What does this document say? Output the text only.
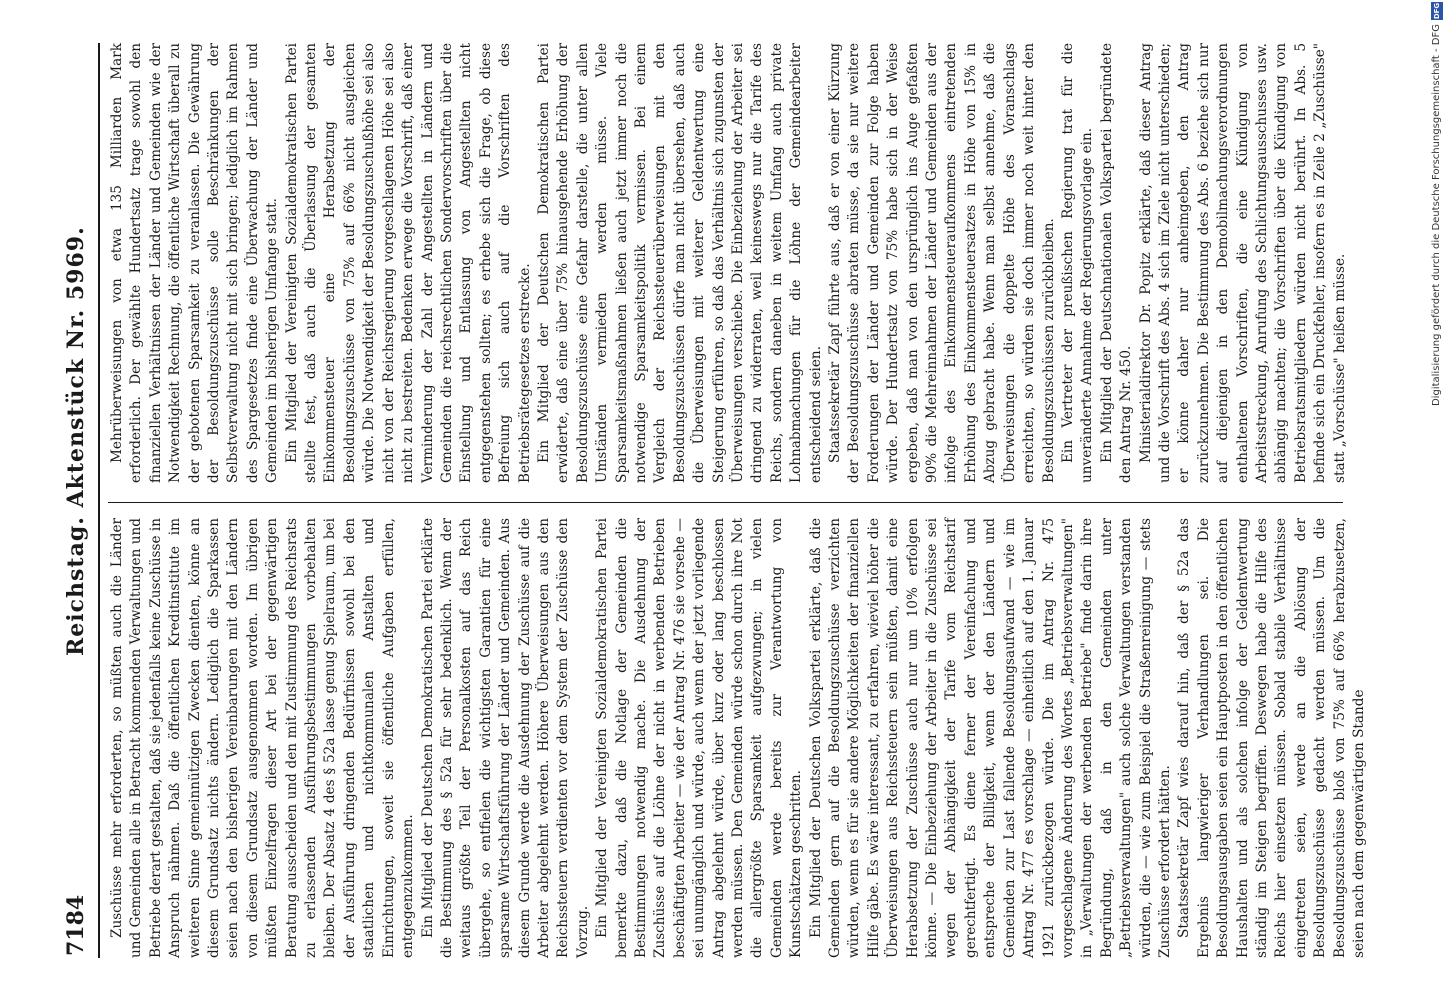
7184
Reichstag. Aktenstück Nr. 5969.

Zuschüsse mehr erforderten, so müßten auch die Länder und Gemeinden alle in Betracht kommenden Verwaltungen und Betriebe derart gestalten, daß sie jedenfalls keine Zuschüsse in Anspruch nähmen. Daß die öffentlichen Kreditinstitute im weiteren Sinne gemeinnützigen Zwecken dienten, könne an diesem Grundsatz nichts ändern. Lediglich die Sparkassen seien nach den bisherigen Vereinbarungen mit den Ländern von diesem Grundsatz ausgenommen worden. Im übrigen müßten Einzelfragen dieser Art bei der gegenwärtigen Beratung ausscheiden und den mit Zustimmung des Reichsrats zu erlassenden Ausführungsbestimmungen vorbehalten bleiben. Der Absatz 4 des § 52a lasse genug Spielraum, um bei der Ausführung dringenden Bedürfnissen sowohl bei den staatlichen und nichtkommunalen Anstalten und Einrichtungen, soweit sie öffentliche Aufgaben erfüllen, entgegenzukommen. Ein Mitglied der Deutschen Demokratischen Partei erklärte die Bestimmung des § 52a für sehr bedenklich. Wenn der weitaus größte Teil der Personalkosten auf das Reich übergehe, so entfielen die wichtigsten Garantien für eine sparsame Wirtschaftsführung der Länder und Gemeinden. Aus diesem Grunde werde die Ausdehnung der Zuschüsse auf die Arbeiter abgelehnt werden. Höhere Überweisungen aus den Reichssteuern verdienten vor dem System der Zuschüsse den Vorzug. Ein Mitglied der Vereinigten Sozialdemokratischen Partei bemerkte dazu, daß die Notlage der Gemeinden die Bestimmungen notwendig mache. Die Ausdehnung der Zuschüsse auf die Löhne der nicht in werbenden Betrieben beschäftigten Arbeiter — wie der Antrag Nr. 476 sie vorsehe — sei unumgänglich und würde, auch wenn der jetzt vorliegende Antrag abgelehnt würde, über kurz oder lang beschlossen werden müssen. Den Gemeinden würde schon durch ihre Not die allergrößte Sparsamkeit aufgezwungen; in vielen Gemeinden werde bereits zur Verantwortung von Kunstschätzen geschritten. Ein Mitglied der Deutschen Volkspartei erklärte, daß die Gemeinden gern auf die Besoldungszuschüsse verzichten würden, wenn es für sie andere Möglichkeiten der finanziellen Hilfe gäbe. Es wäre interessant, zu erfahren, wieviel höher die Überweisungen aus Reichssteuern sein müßten, damit eine Herabsetzung der Zuschüsse auch nur um 10% erfolgen könne. — Die Einbeziehung der Arbeiter in die Zuschüsse sei wegen der Abhängigkeit der Tarife vom Reichstarif gerechtfertigt. Es diene ferner der Vereinfachung und entspreche der Billigkeit, wenn der den Ländern und Gemeinden zur Last fallende Besoldungsaufwand — wie im Antrag Nr. 477 es vorschlage — einheitlich auf den 1. Januar 1921 zurückbezogen würde. Die im Antrag Nr. 475 vorgeschlagene Änderung des Wortes „Betriebsverwaltungen" in „Verwaltungen der werbenden Betriebe" finde darin ihre Begründung, daß in den Gemeinden unter „Betriebsverwaltungen" auch solche Verwaltungen verstanden würden, die — wie zum Beispiel die Straßenreinigung — stets Zuschüsse erfordert hätten. Staatssekretär Zapf wies darauf hin, daß der § 52a das Ergebnis langwieriger Verhandlungen sei. Die Besoldungsausgaben seien ein Hauptposten in den öffentlichen Haushalten und als solchen infolge der Geldentwertung ständig im Steigen begriffen. Deswegen habe die Hilfe des Reichs hier einsetzen müssen. Sobald stabile Verhältnisse eingetreten seien, werde an die Ablösung der Besoldungszuschüsse gedacht werden müssen. Um die Besoldungszuschüsse bloß von 75% auf 66% herabzusetzen, seien nach dem gegenwärtigen Stande

Mehrüberweisungen von etwa 135 Milliarden Mark erforderlich. Der gewählte Hundertsatz trage sowohl den finanziellen Verhältnissen der Länder und Gemeinden wie der Notwendigkeit Rechnung, die öffentliche Wirtschaft überall zu der gebotenen Sparsamkeit zu veranlassen. Die Gewährung der Besoldungszuschüsse solle Beschränkungen der Selbstverwaltung nicht mit sich bringen; lediglich im Rahmen des Spargesetzes finde eine Überwachung der Länder und Gemeinden im bisherigen Umfange statt. Ein Mitglied der Vereinigten Sozialdemokratischen Partei stellte fest, daß auch die Überlassung der gesamten Einkommensteuer eine Herabsetzung der Besoldungszuschüsse von 75% auf 66% nicht ausgleichen würde. Die Notwendigkeit der Besoldungszuschußhöhe sei also nicht von der Reichsregierung vorgeschlagenen Höhe sei also nicht zu bestreiten. Bedenken erwege die Vorschrift, daß einer Verminderung der Zahl der Angestellten in Ländern und Gemeinden die reichsrechtlichen Sondervorschriften über die Einstellung und Entlassung von Angestellten nicht entgegenstehen sollten; es erhebe sich die Frage, ob diese Befreiung sich auch auf die Vorschriften des Betriebsrätegesetzes erstrecke. Ein Mitglied der Deutschen Demokratischen Partei erwiderte, daß eine über 75% hinausgehende Erhöhung der Besoldungszuschüsse eine Gefahr darstelle, die unter allen Umständen vermieden werden müsse. Viele Sparsamkeitsmaßnahmen ließen auch jetzt immer noch die notwendige Sparsamkeitspolitik vermissen. Bei einem Vergleich der Reichssteuerüberweisungen mit den Besoldungszuschüssen dürfe man nicht übersehen, daß auch die Überweisungen mit weiterer Geldentwertung eine Steigerung erführen, so daß das Verhältnis sich zugunsten der Überweisungen verschiebe. Die Einbeziehung der Arbeiter sei dringend zu widerraten, weil keineswegs nur die Tarife des Reichs, sondern daneben in weitem Umfang auch private Lohnabmachungen für die Löhne der Gemeindearbeiter entscheidend seien. Staatssekretär Zapf führte aus, daß er von einer Kürzung der Besoldungszuschüsse abraten müsse, da sie nur weitere Forderungen der Länder und Gemeinden zur Folge haben würde. Der Hundertsatz von 75% habe sich in der Weise ergeben, daß man von den ursprünglich ins Auge gefaßten 90% die Mehreinnahmen der Länder und Gemeinden aus der infolge des Einkommensteueraufkommens eintretenden Erhöhung des Einkommensteuersatzes in Höhe von 15% in Abzug gebracht habe. Wenn man selbst annehme, daß die Überweisungen die doppelte Höhe des Voranschlags erreichten, so würden sie doch immer noch weit hinter den Besoldungszuschüssen zurückbleiben. Ein Vertreter der preußischen Regierung trat für die unveränderte Annahme der Regierungsvorlage ein. Ein Mitglied der Deutschnationalen Volkspartei begründete den Antrag Nr. 450. Ministerialdirektor Dr. Popitz erklärte, daß dieser Antrag und die Vorschrift des Abs. 4 sich im Ziele nicht unterschieden; er könne daher nur anheimgeben, den Antrag zurückzunehmen. Die Bestimmung des Abs. 6 beziehe sich nur auf diejenigen in den Demobilmachungsverordnungen enthaltenen Vorschriften, die eine Kündigung von Arbeitsstreckung, Anrufung des Schlichtungsausschusses usw. abhängig machten; die Vorschriften über die Kündigung von Betriebsratsmitgliedern würden nicht berührt. In Abs. 5 befinde sich ein Druckfehler, insofern es in Zeile 2 „Zuschüsse" statt „Vorschüsse" heißen müsse.	Digitalisierung gefördert durch die Deutsche Forschungsgemeinschaft - DFG
DFG
